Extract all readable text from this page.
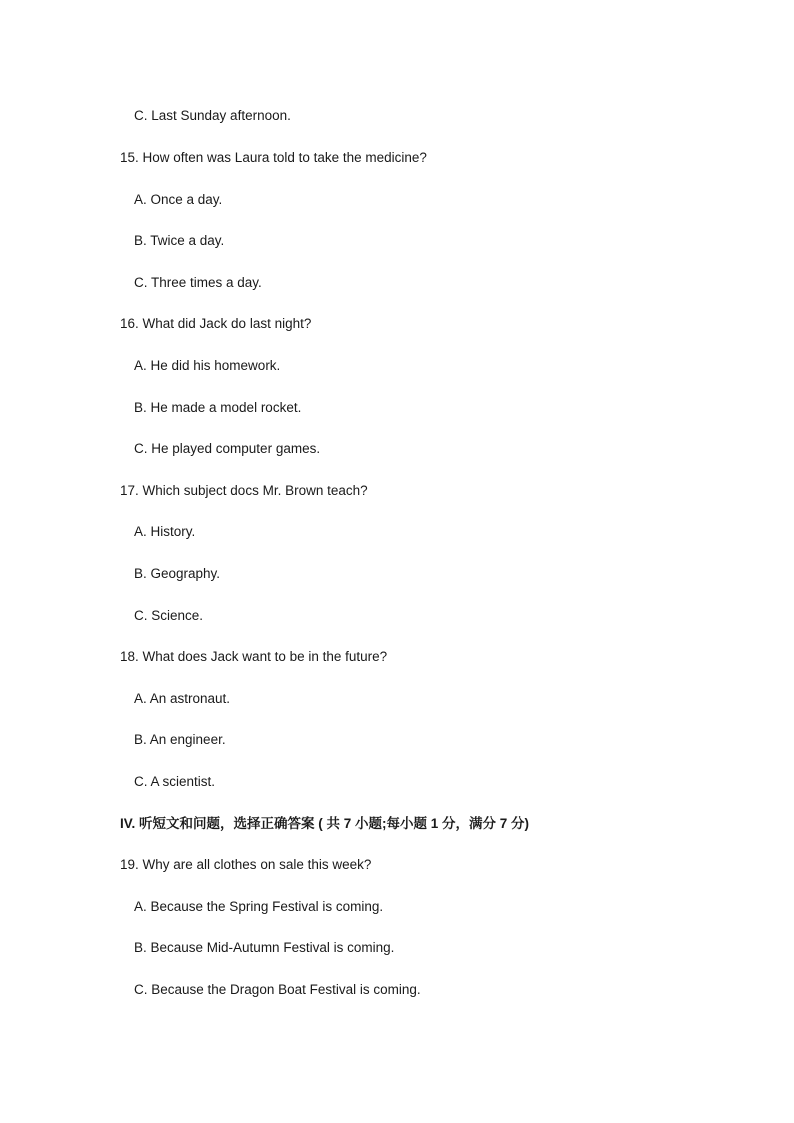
C. Last Sunday afternoon.

15. How often was Laura told to take the medicine?

A. Once a day.

B. Twice a day.

C. Three times a day.

16. What did Jack do last night?

A. He did his homework.

B. He made a model rocket.

C. He played computer games.

17. Which subject docs Mr. Brown teach?

A. History.

B. Geography.

C. Science.

18. What does Jack want to be in the future?

A. An astronaut.

B. An engineer.

C. A scientist.

IV. 听短文和问题，选择正确答案 ( 共 7 小题;每小题 1 分，满分 7 分)

19. Why are all clothes on sale this week?

A. Because the Spring Festival is coming.

B. Because Mid-Autumn Festival is coming.

C. Because the Dragon Boat Festival is coming.
